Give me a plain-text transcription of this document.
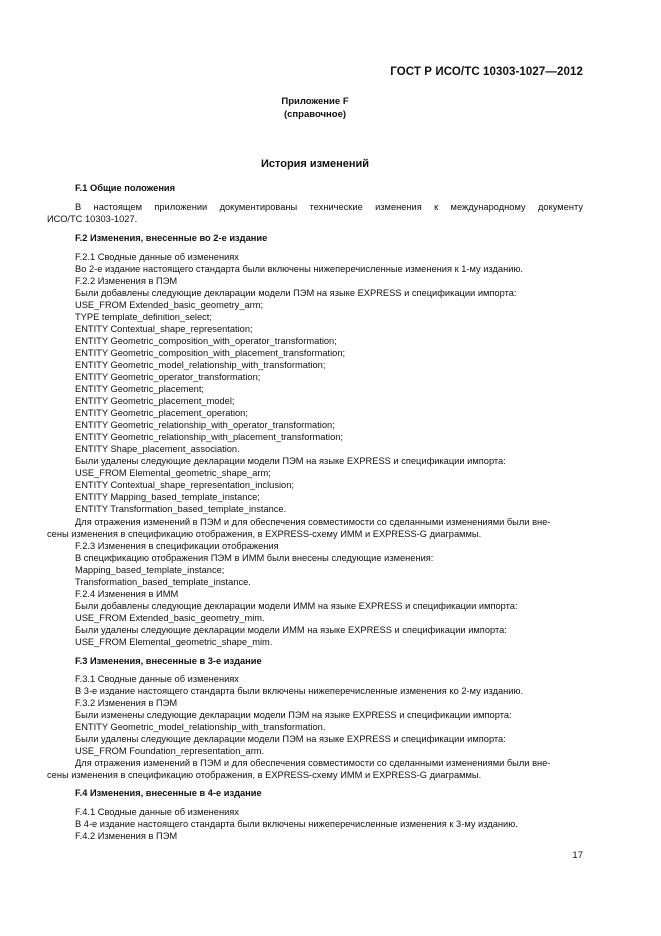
ГОСТ Р ИСО/ТС 10303-1027—2012
Приложение F
(справочное)
История изменений
F.1 Общие положения
В настоящем приложении документированы технические изменения к международному документу
ИСО/ТС 10303-1027.
F.2 Изменения, внесенные во 2-е издание
F.2.1 Сводные данные об изменениях
Во 2-е издание настоящего стандарта были включены нижеперечисленные изменения к 1-му изданию.
F.2.2 Изменения в ПЭМ
Были добавлены следующие декларации модели ПЭМ на языке EXPRESS и спецификации импорта:
USE_FROM Extended_basic_geometry_arm;
TYPE template_definition_select;
ENTITY Contextual_shape_representation;
ENTITY Geometric_composition_with_operator_transformation;
ENTITY Geometric_composition_with_placement_transformation;
ENTITY Geometric_model_relationship_with_transformation;
ENTITY Geometric_operator_transformation;
ENTITY Geometric_placement;
ENTITY Geometric_placement_model;
ENTITY Geometric_placement_operation;
ENTITY Geometric_relationship_with_operator_transformation;
ENTITY Geometric_relationship_with_placement_transformation;
ENTITY Shape_placement_association.
Были удалены следующие декларации модели ПЭМ на языке EXPRESS и спецификации импорта:
USE_FROM Elemental_geometric_shape_arm;
ENTITY Contextual_shape_representation_inclusion;
ENTITY Mapping_based_template_instance;
ENTITY Transformation_based_template_instance.
Для отражения изменений в ПЭМ и для обеспечения совместимости со сделанными изменениями были вне-
сены изменения в спецификацию отображения, в EXPRESS-схему ИММ и EXPRESS-G диаграммы.
F.2.3 Изменения в спецификации отображения
В спецификацию отображения ПЭМ в ИММ были внесены следующие изменения:
Mapping_based_template_instance;
Transformation_based_template_instance.
F.2.4 Изменения в ИММ
Были добавлены следующие декларации модели ИММ на языке EXPRESS и спецификации импорта:
USE_FROM Extended_basic_geometry_mim.
Были удалены следующие декларации модели ИММ на языке EXPRESS и спецификации импорта:
USE_FROM Elemental_geometric_shape_mim.
F.3 Изменения, внесенные в 3-е издание
F.3.1 Сводные данные об изменениях
В 3-е издание настоящего стандарта были включены нижеперечисленные изменения ко 2-му изданию.
F.3.2 Изменения в ПЭМ
Были изменены следующие декларации модели ПЭМ на языке EXPRESS и спецификации импорта:
ENTITY Geometric_model_relationship_with_transformation.
Были удалены следующие декларации модели ПЭМ на языке EXPRESS и спецификации импорта:
USE_FROM Foundation_representation_arm.
Для отражения изменений в ПЭМ и для обеспечения совместимости со сделанными изменениями были вне-
сены изменения в спецификацию отображения, в EXPRESS-схему ИММ и EXPRESS-G диаграммы.
F.4 Изменения, внесенные в 4-е издание
F.4.1 Сводные данные об изменениях
В 4-е издание настоящего стандарта были включены нижеперечисленные изменения к 3-му изданию.
F.4.2 Изменения в ПЭМ
17
